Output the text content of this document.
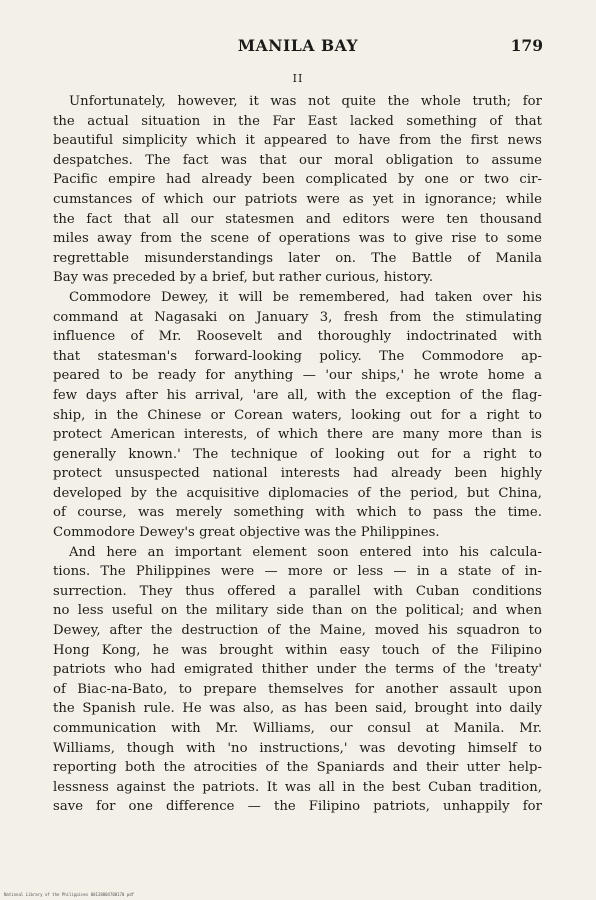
MANILA BAY	179
II
Unfortunately, however, it was not quite the whole truth; for
the actual situation in the Far East lacked something of that
beautiful simplicity which it appeared to have from the first news
despatches. The fact was that our moral obligation to assume
Pacific empire had already been complicated by one or two cir-
cumstances of which our patriots were as yet in ignorance; while
the fact that all our statesmen and editors were ten thousand
miles away from the scene of operations was to give rise to some
regrettable misunderstandings later on. The Battle of Manila
Bay was preceded by a brief, but rather curious, history.
Commodore Dewey, it will be remembered, had taken over his
command at Nagasaki on January 3, fresh from the stimulating
influence of Mr. Roosevelt and thoroughly indoctrinated with
that statesman's forward-looking policy. The Commodore ap-
peared to be ready for anything — 'our ships,' he wrote home a
few days after his arrival, 'are all, with the exception of the flag-
ship, in the Chinese or Corean waters, looking out for a right to
protect American interests, of which there are many more than is
generally known.' The technique of looking out for a right to
protect unsuspected national interests had already been highly
developed by the acquisitive diplomacies of the period, but China,
of course, was merely something with which to pass the time.
Commodore Dewey's great objective was the Philippines.
And here an important element soon entered into his calcula-
tions. The Philippines were — more or less — in a state of in-
surrection. They thus offered a parallel with Cuban conditions
no less useful on the military side than on the political; and when
Dewey, after the destruction of the Maine, moved his squadron to
Hong Kong, he was brought within easy touch of the Filipino
patriots who had emigrated thither under the terms of the 'treaty'
of Biac-na-Bato, to prepare themselves for another assault upon
the Spanish rule. He was also, as has been said, brought into daily
communication with Mr. Williams, our consul at Manila. Mr.
Williams, though with 'no instructions,' was devoting himself to
reporting both the atrocities of the Spaniards and their utter help-
lessness against the patriots. It was all in the best Cuban tradition,
save for one difference — the Filipino patriots, unhappily for
National Library of the Philippines 00138004700170 pdf
